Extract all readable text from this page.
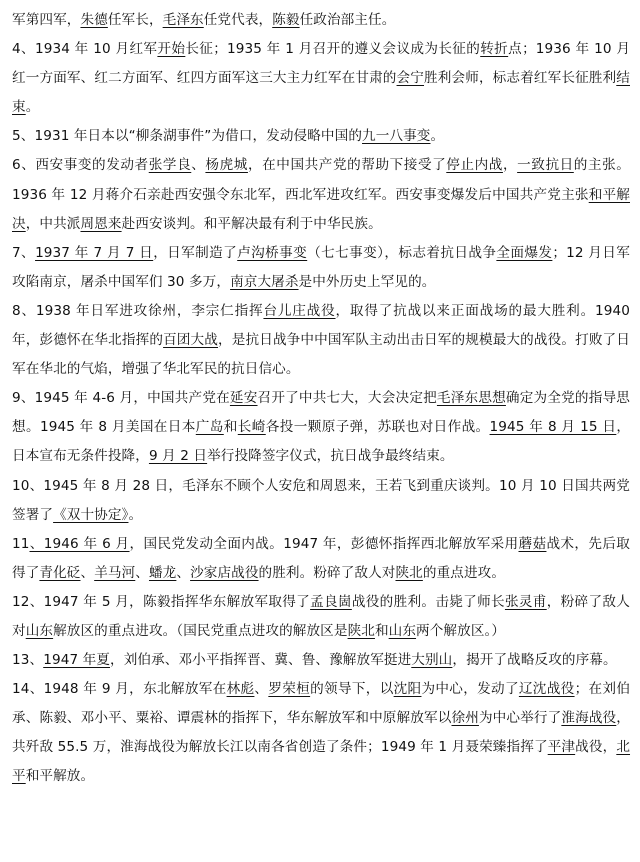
军第四军，朱德任军长，毛泽东任党代表，陈毅任政治部主任。

4、1934 年 10 月红军开始长征；1935 年 1 月召开的遵义会议成为长征的转折点；1936 年 10 月红一方面军、红二方面军、红四方面军这三大主力红军在甘肃的会宁胜利会师，标志着红军长征胜利结束。

5、1931 年日本以“柳条湖事件”为借口，发动侵略中国的九一八事变。

6、西安事变的发动者张学良、杨虎城，在中国共产党的帮助下接受了停止内战，一致抗日的主张。1936 年 12 月蒋介石亲赴西安强令东北军，西北军进攻红军。西安事变爆发后中国共产党主张和平解决，中共派周恩来赴西安谈判。和平解决最有利于中华民族。

7、1937 年 7 月 7 日，日军制造了卢沟桥事变（七七事变），标志着抗日战争全面爆发；12 月日军攻陷南京，屠杀中国军们 30 多万，南京大屠杀是中外历史上罕见的。

8、1938 年日军进攻徐州，李宗仁指挥台儿庄战役，取得了抗战以来正面战场的最大胜利。1940 年，彭德怀在华北指挥的百团大战，是抗日战争中中国军队主动出击日军的规模最大的战役。打败了日军在华北的气焰，增强了华北军民的抗日信心。

9、1945 年 4-6 月，中国共产党在延安召开了中共七大，大会决定把毛泽东思想确定为全党的指导思想。1945 年 8 月美国在日本广岛和长崎各投一颗原子弹，苏联也对日作战。1945 年 8 月 15 日，日本宣布无条件投降，9 月 2 日举行投降签字仪式，抗日战争最终结束。

10、1945 年 8 月 28 日，毛泽东不顾个人安危和周恩来，王若飞到重庆谈判。10 月 10 日国共两党签署了《双十协定》。

11、1946 年 6 月，国民党发动全面内战。1947 年，彭德怀指挥西北解放军采用蘑菇战术，先后取得了青化砭、羊马河、蟠龙、沙家店战役的胜利。粉碎了敌人对陕北的重点进攻。

12、1947 年 5 月，陈毅指挥华东解放军取得了孟良崮战役的胜利。击毙了师长张灵甫，粉碎了敌人对山东解放区的重点进攻。（国民党重点进攻的解放区是陕北和山东两个解放区。）

13、1947 年夏，刘伯承、邓小平指挥晋、冀、鲁、豫解放军挺进大别山，揭开了战略反攻的序幕。

14、1948 年 9 月，东北解放军在林彪、罗荣桓的领导下，以沈阳为中心，发动了辽沈战役；在刘伯承、陈毅、邓小平、粟裕、谭震林的指挥下，华东解放军和中原解放军以徐州为中心举行了淮海战役，共歼敌 55.5 万，淮海战役为解放长江以南各省创造了条件；1949 年 1 月聂荣臻指挥了平津战役，北平和平解放。
